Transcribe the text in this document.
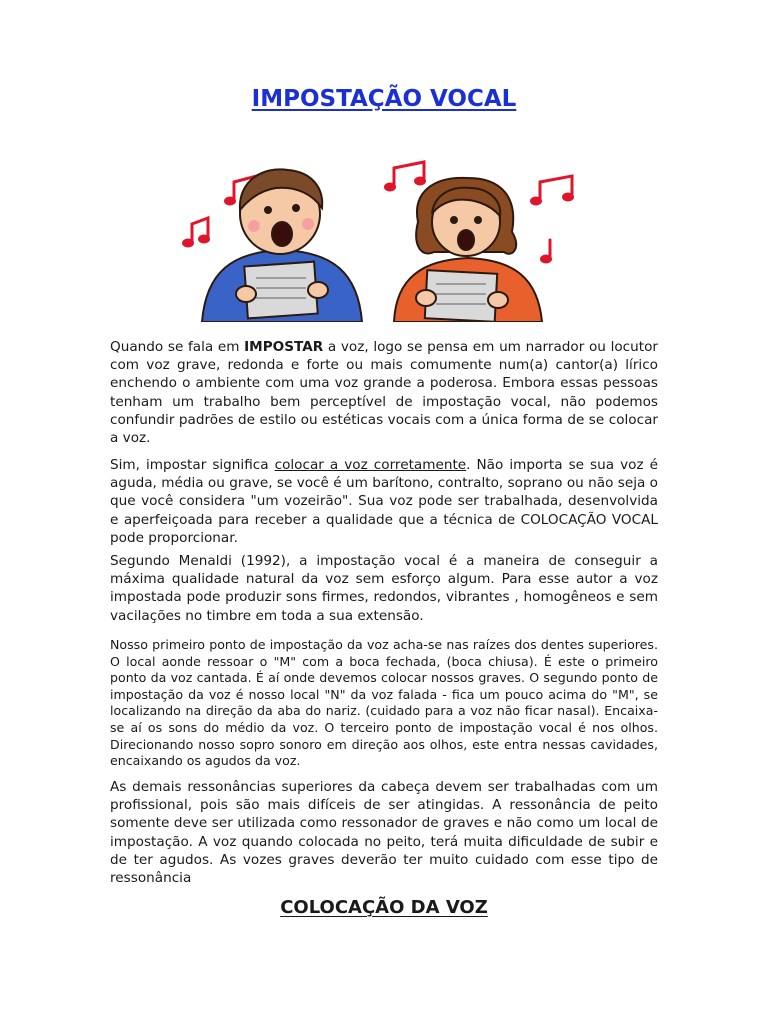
IMPOSTAÇÃO VOCAL

Quando se fala em IMPOSTAR a voz, logo se pensa em um narrador ou locutor com voz grave, redonda e forte ou mais comumente num(a) cantor(a) lírico enchendo o ambiente com uma voz grande a poderosa. Embora essas pessoas tenham um trabalho bem perceptível de impostação vocal, não podemos confundir padrões de estilo ou estéticas vocais com a única forma de se colocar a voz.

Sim, impostar significa colocar a voz corretamente. Não importa se sua voz é aguda, média ou grave, se você é um barítono, contralto, soprano ou não seja o que você considera "um vozeirão". Sua voz pode ser trabalhada, desenvolvida e aperfeiçoada para receber a qualidade que a técnica de COLOCAÇÃO VOCAL pode proporcionar.

Segundo Menaldi (1992), a impostação vocal é a maneira de conseguir a máxima qualidade natural da voz sem esforço algum. Para esse autor a voz impostada pode produzir sons firmes, redondos, vibrantes , homogêneos e sem vacilações no timbre em toda a sua extensão.

Nosso primeiro ponto de impostação da voz acha-se nas raízes dos dentes superiores. O local aonde ressoar o "M" com a boca fechada, (boca chiusa). É este o primeiro ponto da voz cantada. É aí onde devemos colocar nossos graves. O segundo ponto de impostação da voz é nosso local "N" da voz falada - fica um pouco acima do "M", se localizando na direção da aba do nariz. (cuidado para a voz não ficar nasal). Encaixa-se aí os sons do médio da voz. O terceiro ponto de impostação vocal é nos olhos. Direcionando nosso sopro sonoro em direção aos olhos, este entra nessas cavidades, encaixando os agudos da voz.

As demais ressonâncias superiores da cabeça devem ser trabalhadas com um profissional, pois são mais difíceis de ser atingidas. A ressonância de peito somente deve ser utilizada como ressonador de graves e não como um local de impostação. A voz quando colocada no peito, terá muita dificuldade de subir e de ter agudos. As vozes graves deverão ter muito cuidado com esse tipo de ressonância

COLOCAÇÃO DA VOZ
